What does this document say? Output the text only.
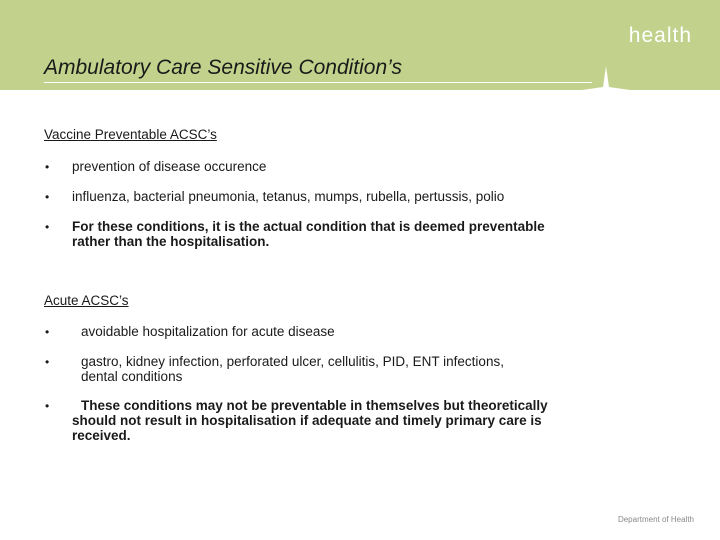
health
Ambulatory Care Sensitive Condition’s
Vaccine Preventable ACSC’s
• prevention of disease occurence
• influenza, bacterial pneumonia, tetanus, mumps, rubella, pertussis, polio
• For these conditions, it is the actual condition that is deemed preventable
rather than the hospitalisation.
Acute ACSC’s
• avoidable hospitalization for acute disease
• gastro, kidney infection, perforated ulcer, cellulitis, PID, ENT infections,
dental conditions
•	These conditions may not be preventable in themselves but theoretically
should not result in hospitalisation if adequate and timely primary care is
received.
Department of Health
